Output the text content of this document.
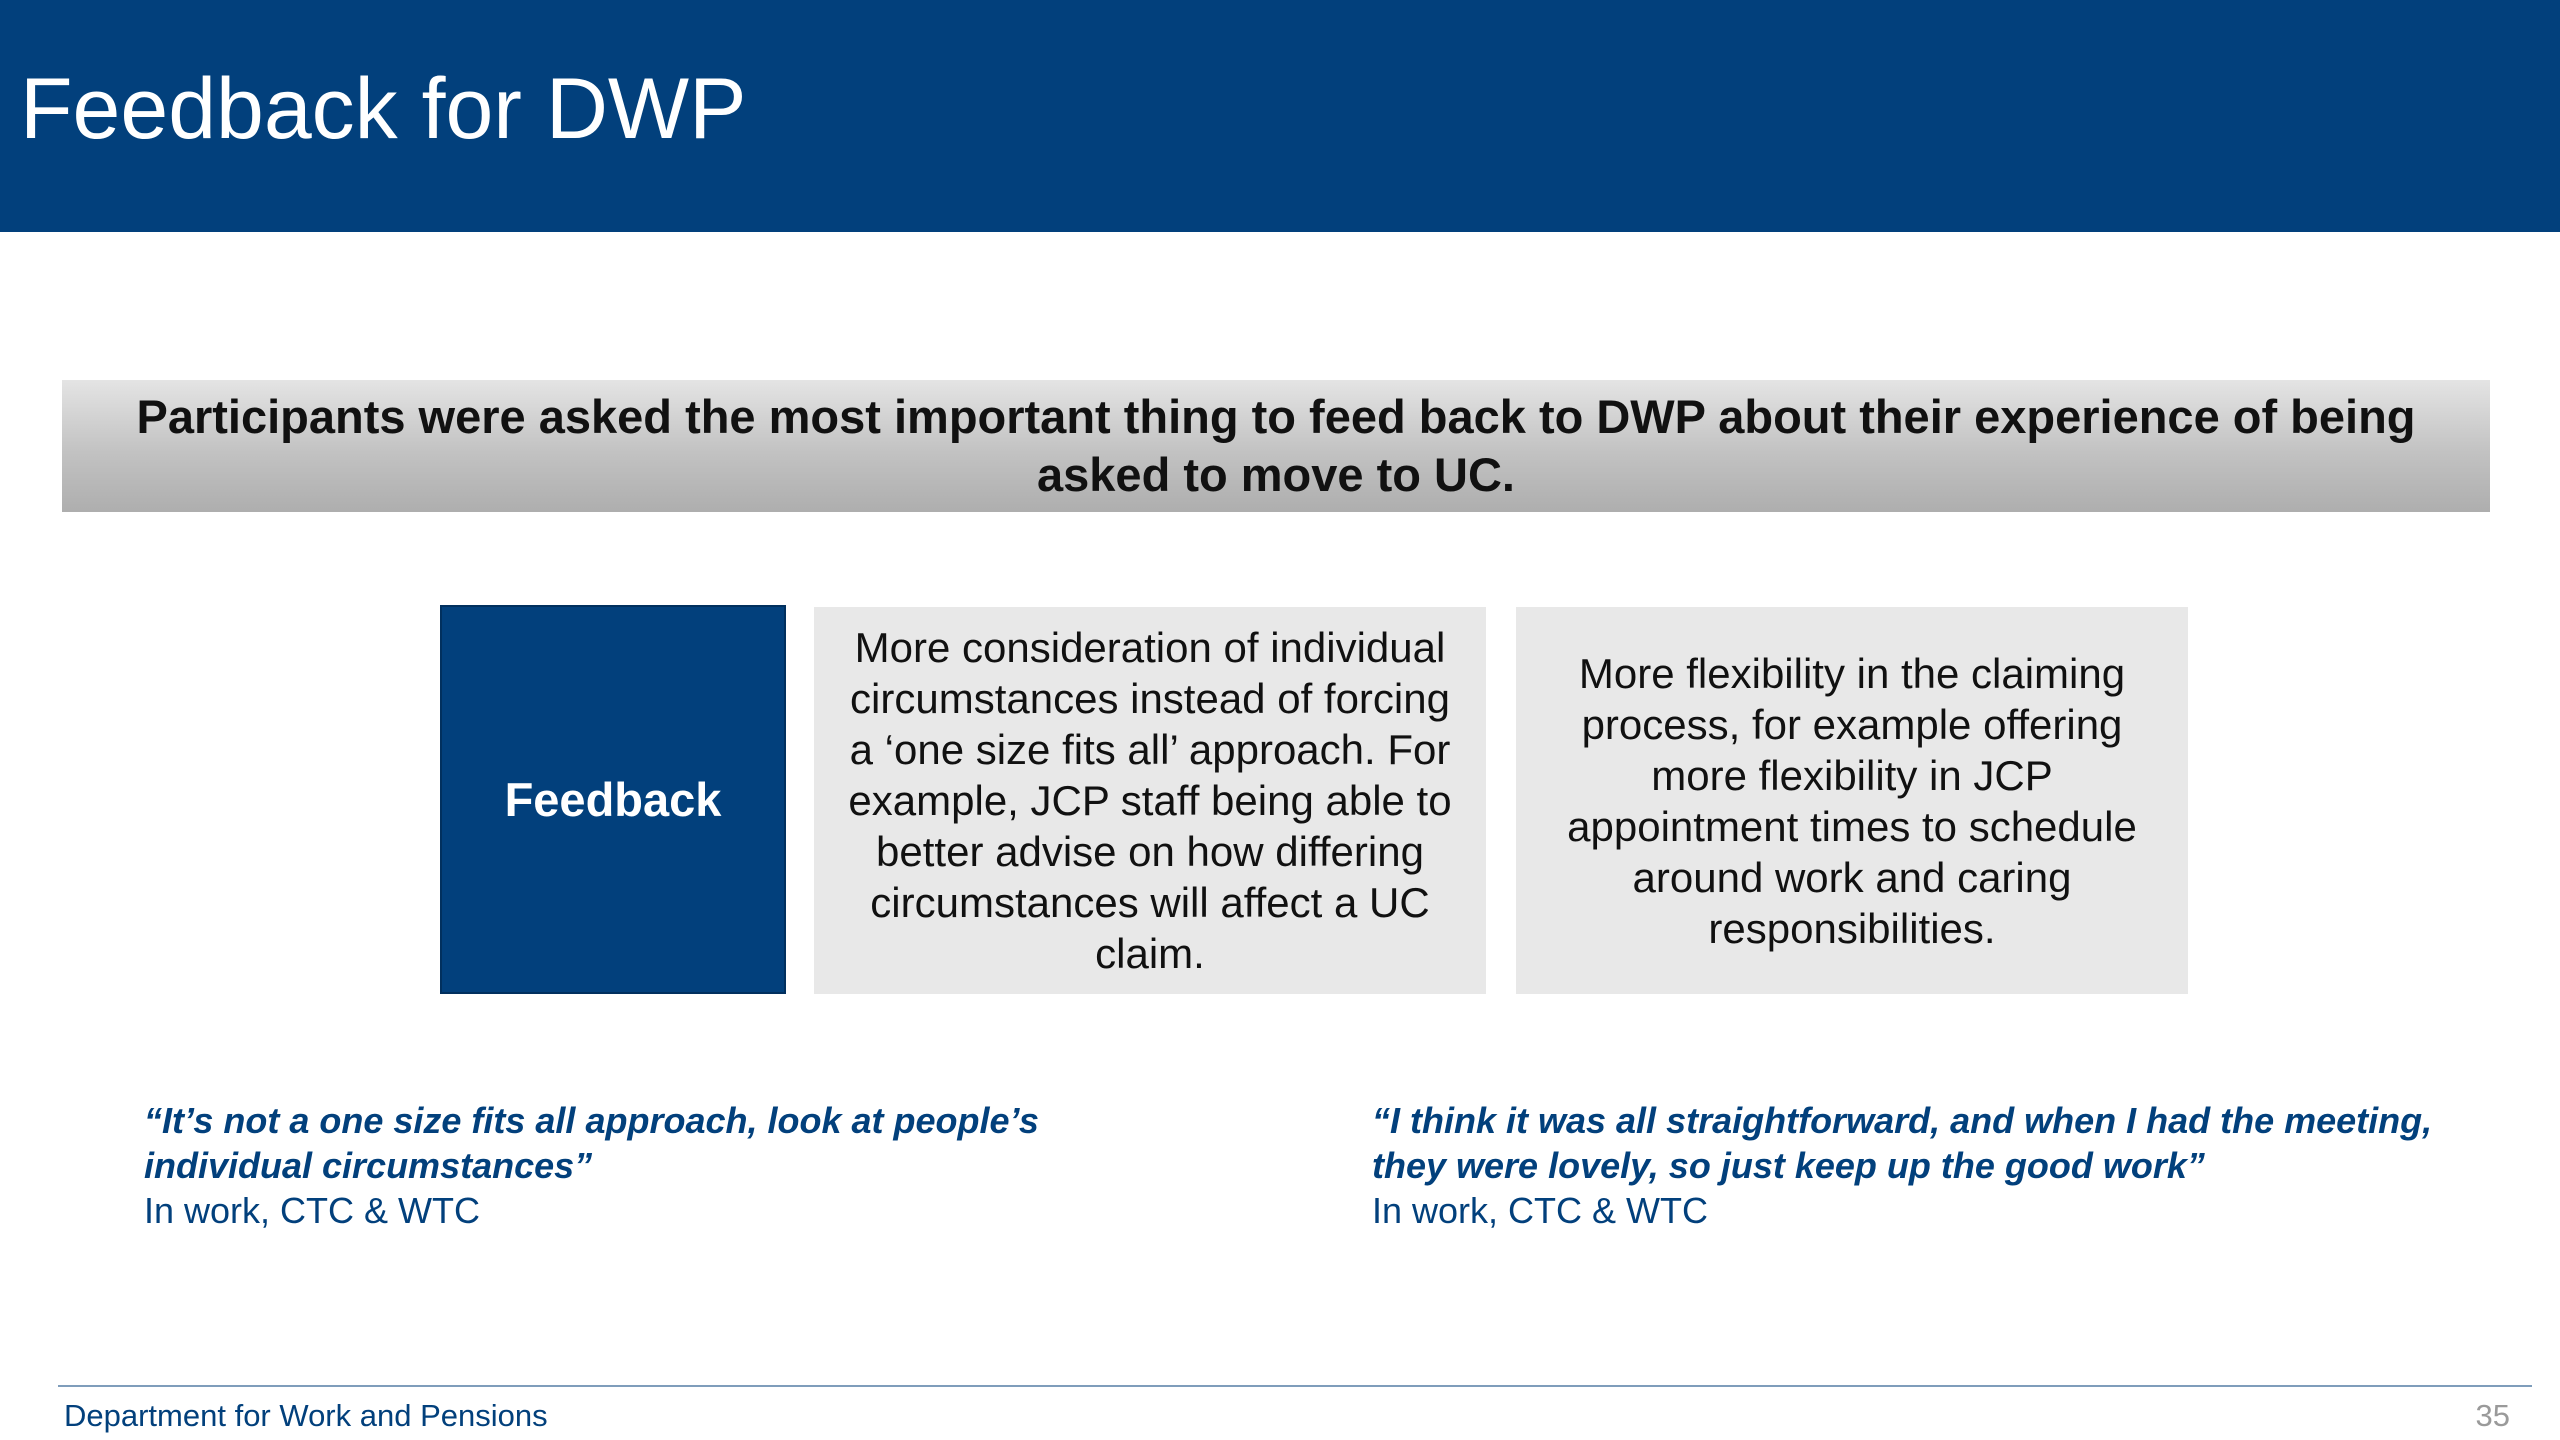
Feedback for DWP

Participants were asked the most important thing to feed back to DWP about their experience of being asked to move to UC.

Feedback

More consideration of individual circumstances instead of forcing a ‘one size fits all’ approach. For example, JCP staff being able to better advise on how differing circumstances will affect a UC claim.

More flexibility in the claiming process, for example offering more flexibility in JCP appointment times to schedule around work and caring responsibilities.

“It’s not a one size fits all approach, look at people’s individual circumstances”

In work, CTC & WTC

“I think it was all straightforward, and when I had the meeting, they were lovely, so just keep up the good work”

In work, CTC & WTC

Department for Work and Pensions	35
